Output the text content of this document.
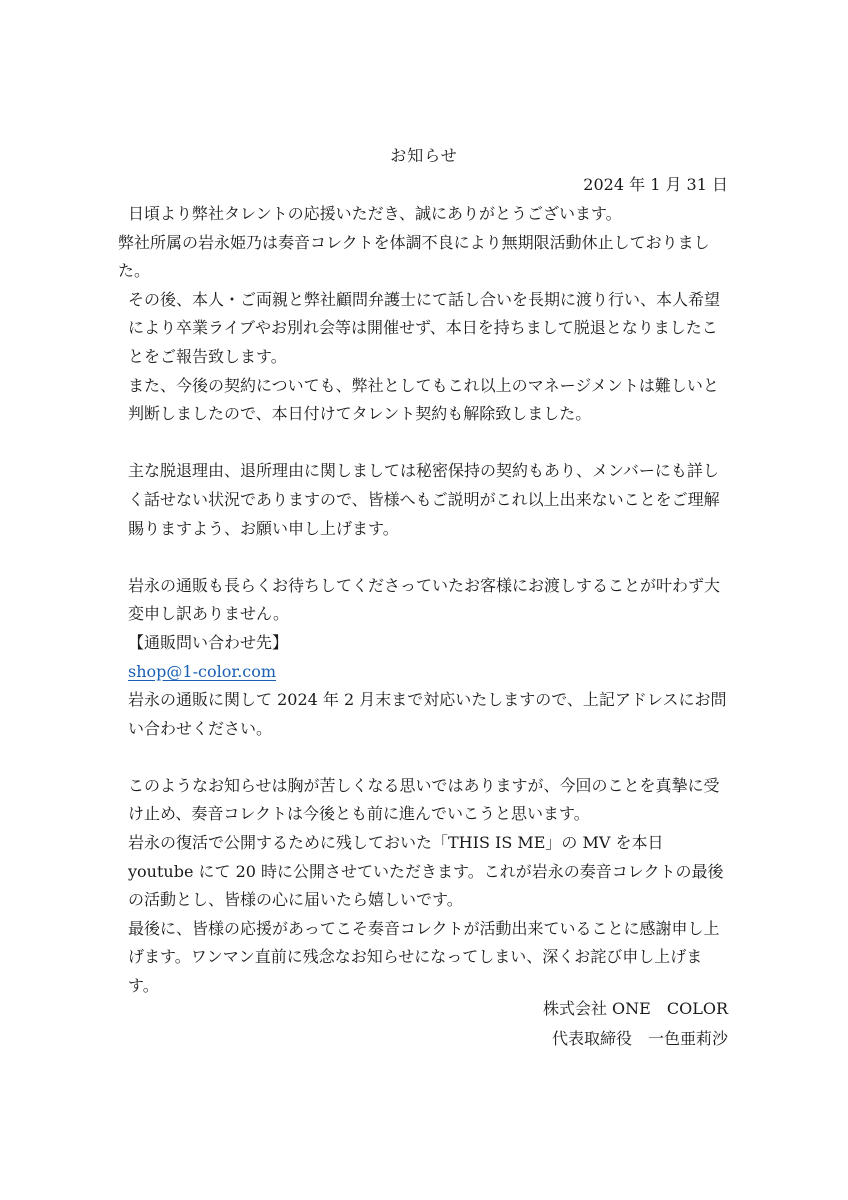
お知らせ
2024 年 1 月 31 日

日頃より弊社タレントの応援いただき、誠にありがとうございます。

弊社所属の岩永姫乃は奏音コレクトを体調不良により無期限活動休止しておりました。

その後、本人・ご両親と弊社顧問弁護士にて話し合いを長期に渡り行い、本人希望により卒業ライブやお別れ会等は開催せず、本日を持ちまして脱退となりましたことをご報告致します。

また、今後の契約についても、弊社としてもこれ以上のマネージメントは難しいと判断しましたので、本日付けてタレント契約も解除致しました。

主な脱退理由、退所理由に関しましては秘密保持の契約もあり、メンバーにも詳しく話せない状況でありますので、皆様へもご説明がこれ以上出来ないことをご理解賜りますよう、お願い申し上げます。

岩永の通販も長らくお待ちしてくださっていたお客様にお渡しすることが叶わず大変申し訳ありません。

【通販問い合わせ先】

shop@1-color.com

岩永の通販に関して 2024 年 2 月末まで対応いたしますので、上記アドレスにお問い合わせください。

このようなお知らせは胸が苦しくなる思いではありますが、今回のことを真摯に受け止め、奏音コレクトは今後とも前に進んでいこうと思います。

岩永の復活で公開するために残しておいた「THIS IS ME」の MV を本日 youtube にて 20 時に公開させていただきます。これが岩永の奏音コレクトの最後の活動とし、皆様の心に届いたら嬉しいです。

最後に、皆様の応援があってこそ奏音コレクトが活動出来ていることに感謝申し上げます。ワンマン直前に残念なお知らせになってしまい、深くお詫び申し上げます。

株式会社 ONE　COLOR

代表取締役　一色亜莉沙
